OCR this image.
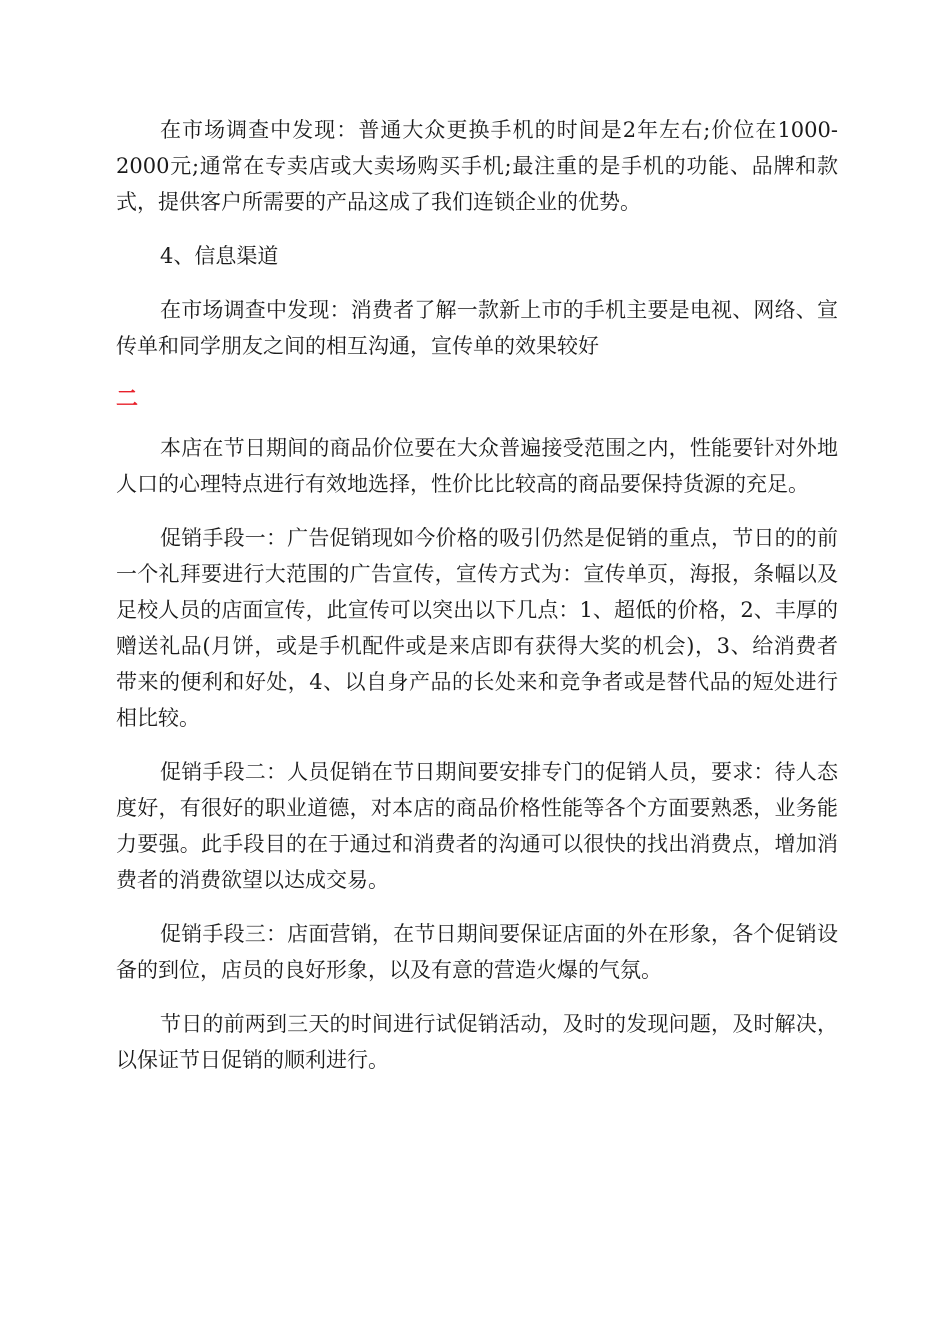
在市场调查中发现：普通大众更换手机的时间是2年左右;价位在1000-2000元;通常在专卖店或大卖场购买手机;最注重的是手机的功能、品牌和款式，提供客户所需要的产品这成了我们连锁企业的优势。

4、信息渠道

在市场调查中发现：消费者了解一款新上市的手机主要是电视、网络、宣传单和同学朋友之间的相互沟通，宣传单的效果较好

二

本店在节日期间的商品价位要在大众普遍接受范围之内，性能要针对外地人口的心理特点进行有效地选择，性价比比较高的商品要保持货源的充足。

促销手段一：广告促销现如今价格的吸引仍然是促销的重点，节日的的前一个礼拜要进行大范围的广告宣传，宣传方式为：宣传单页，海报，条幅以及足校人员的店面宣传，此宣传可以突出以下几点：1、超低的价格，2、丰厚的赠送礼品(月饼，或是手机配件或是来店即有获得大奖的机会)，3、给消费者带来的便利和好处，4、以自身产品的长处来和竞争者或是替代品的短处进行相比较。

促销手段二：人员促销在节日期间要安排专门的促销人员，要求：待人态度好，有很好的职业道德，对本店的商品价格性能等各个方面要熟悉，业务能力要强。此手段目的在于通过和消费者的沟通可以很快的找出消费点，增加消费者的消费欲望以达成交易。

促销手段三：店面营销，在节日期间要保证店面的外在形象，各个促销设备的到位，店员的良好形象，以及有意的营造火爆的气氛。

节日的前两到三天的时间进行试促销活动，及时的发现问题，及时解决，以保证节日促销的顺利进行。
